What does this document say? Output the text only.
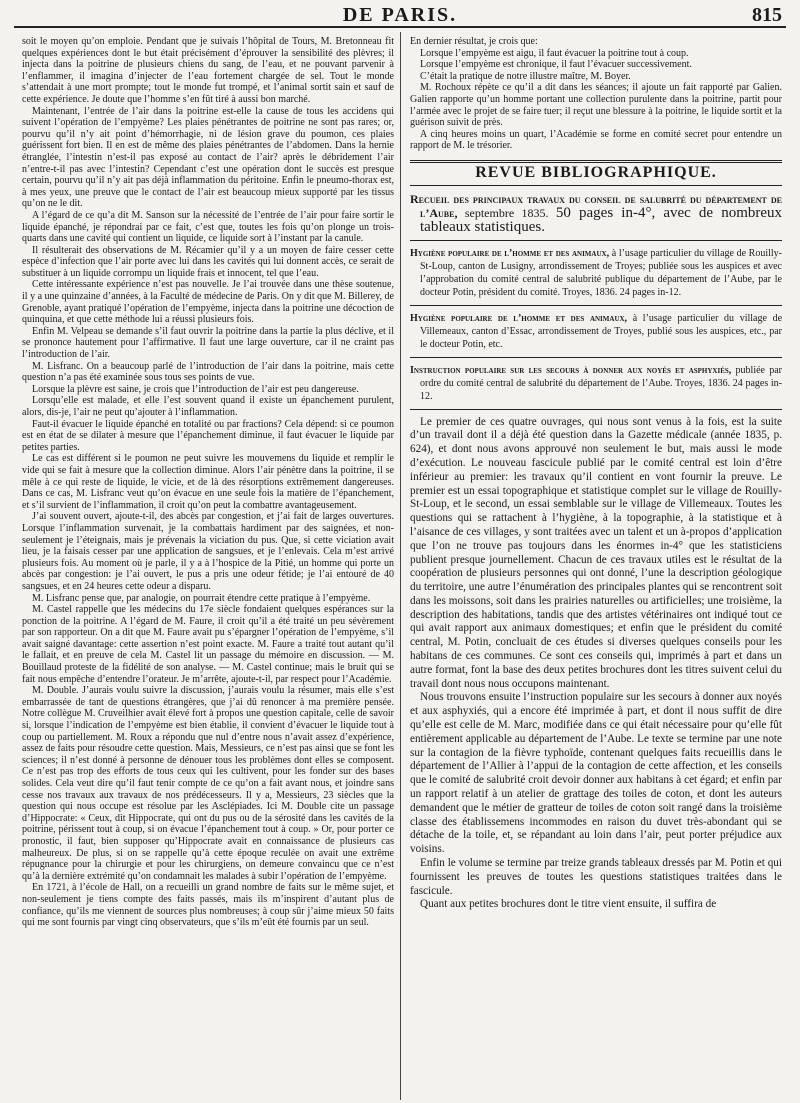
DE PARIS.	815

soit le moyen qu’on emploie. Pendant que je suivais l’hôpital de Tours, M. Bretonneau fit quelques expériences dont le but était précisément d’éprouver la sensibilité des plèvres; il injecta dans la poitrine de plusieurs chiens du sang, de l’eau, et ne pouvant parvenir à l’enflammer, il imagina d’injecter de l’eau fortement chargée de sel. Tout le monde s’attendait à une mort prompte; tout le monde fut trompé, et l’animal sortit sain et sauf de cette expérience. Je doute que l’homme s’en fût tiré à aussi bon marché.

Maintenant, l’entrée de l’air dans la poitrine est-elle la cause de tous les accidens qui suivent l’opération de l’empyème? Les plaies pénétrantes de poitrine ne sont pas rares; or, pourvu qu’il n’y ait point d’hémorrhagie, ni de lésion grave du poumon, ces plaies guérissent fort bien. Il en est de même des plaies pénétrantes de l’abdomen. Dans la hernie étranglée, l’intestin n’est-il pas exposé au contact de l’air? après le débridement l’air n’entre-t-il pas avec l’intestin? Cependant c’est une opération dont le succès est presque certain, pourvu qu’il n’y ait pas déjà inflammation du péritoine. Enfin le pneumo-thorax est, à mes yeux, une preuve que le contact de l’air est beaucoup mieux supporté par les tissus qu’on ne le dit.

A l’égard de ce qu’a dit M. Sanson sur la nécessité de l’entrée de l’air pour faire sortir le liquide épanché, je répondrai par ce fait, c’est que, toutes les fois qu’on plonge un trois-quarts dans une cavité qui contient un liquide, ce liquide sort à l’instant par la canule.

Il résulterait des observations de M. Récamier qu’il y a un moyen de faire cesser cette espèce d’infection que l’air porte avec lui dans les cavités qui lui donnent accès, ce serait de substituer à un liquide corrompu un liquide frais et innocent, tel que l’eau.

Cette intéressante expérience n’est pas nouvelle. Je l’ai trouvée dans une thèse soutenue, il y a une quinzaine d’années, à la Faculté de médecine de Paris. On y dit que M. Billerey, de Grenoble, ayant pratiqué l’opération de l’empyème, injecta dans la poitrine une décoction de quinquina, et que cette méthode lui a réussi plusieurs fois.

Enfin M. Velpeau se demande s’il faut ouvrir la poitrine dans la partie la plus déclive, et il se prononce hautement pour l’affirmative. Il faut une large ouverture, car il ne craint pas l’introduction de l’air.

M. Lisfranc. On a beaucoup parlé de l’introduction de l’air dans la poitrine, mais cette question n’a pas été examinée sous tous ses points de vue.

Lorsque la plèvre est saine, je crois que l’introduction de l’air est peu dangereuse.

Lorsqu’elle est malade, et elle l’est souvent quand il existe un épanchement purulent, alors, dis-je, l’air ne peut qu’ajouter à l’inflammation.

Faut-il évacuer le liquide épanché en totalité ou par fractions? Cela dépend: si ce poumon est en état de se dilater à mesure que l’épanchement diminue, il faut évacuer le liquide par petites parties.

Le cas est différent si le poumon ne peut suivre les mouvemens du liquide et remplir le vide qui se fait à mesure que la collection diminue. Alors l’air pénètre dans la poitrine, il se mêle à ce qui reste de liquide, le vicie, et de là des résorptions extrêmement dangereuses. Dans ce cas, M. Lisfranc veut qu’on évacue en une seule fois la matière de l’épanchement, et s’il survient de l’inflammation, il croit qu’on peut la combattre avantageusement.

J’ai souvent ouvert, ajoute-t-il, des abcès par congestion, et j’ai fait de larges ouvertures. Lorsque l’inflammation survenait, je la combattais hardiment par des saignées, et non-seulement je l’éteignais, mais je prévenais la viciation du pus. Que, si cette viciation avait lieu, je la faisais cesser par une application de sangsues, et je l’enlevais. Cela m’est arrivé plusieurs fois. Au moment où je parle, il y a à l’hospice de la Pitié, un homme qui porte un abcès par congestion: je l’ai ouvert, le pus a pris une odeur fétide; je l’ai entouré de 40 sangsues, et en 24 heures cette odeur a disparu.

M. Lisfranc pense que, par analogie, on pourrait étendre cette pratique à l’empyème.

M. Castel rappelle que les médecins du 17e siècle fondaient quelques espérances sur la ponction de la poitrine. A l’égard de M. Faure, il croit qu’il a été traité un peu sévèrement par son rapporteur. On a dit que M. Faure avait pu s’épargner l’opération de l’empyème, s’il avait saigné davantage: cette assertion n’est point exacte. M. Faure a traité tout autant qu’il le fallait, et en preuve de cela M. Castel lit un passage du mémoire en discussion. — M. Bouillaud proteste de la fidélité de son analyse. — M. Castel continue; mais le bruit qui se fait nous empêche d’entendre l’orateur. Je m’arrête, ajoute-t-il, par respect pour l’Académie.

M. Double. J’aurais voulu suivre la discussion, j’aurais voulu la résumer, mais elle s’est embarrassée de tant de questions étrangères, que j’ai dû renoncer à ma première pensée. Notre collègue M. Cruveilhier avait élevé fort à propos une question capitale, celle de savoir si, lorsque l’indication de l’empyème est bien établie, il convient d’évacuer le liquide tout à coup ou partiellement. M. Roux a répondu que nul d’entre nous n’avait assez d’expérience, assez de faits pour résoudre cette question. Mais, Messieurs, ce n’est pas ainsi que se font les sciences; il n’est donné à personne de dénouer tous les problèmes dont elles se composent. Ce n’est pas trop des efforts de tous ceux qui les cultivent, pour les fonder sur des bases solides. Cela veut dire qu’il faut tenir compte de ce qu’on a fait avant nous, et joindre sans cesse nos travaux aux travaux de nos prédécesseurs. Il y a, Messieurs, 23 siècles que la question qui nous occupe est résolue par les Asclépiades. Ici M. Double cite un passage d’Hippocrate: « Ceux, dit Hippocrate, qui ont du pus ou de la sérosité dans les cavités de la poitrine, périssent tout à coup, si on évacue l’épanchement tout à coup. » Or, pour porter ce pronostic, il faut, bien supposer qu’Hippocrate avait en connaissance de plusieurs cas malheureux. De plus, si on se rappelle qu’à cette époque reculée on avait une extrême répugnance pour la chirurgie et pour les chirurgiens, on demeure convaincu que ce n’est qu’à la dernière extrémité qu’on condamnait les malades à subir l’opération de l’empyème.

En 1721, à l’école de Hall, on a recueilli un grand nombre de faits sur le même sujet, et non-seulement je tiens compte des faits passés, mais ils m’inspirent d’autant plus de confiance, qu’ils me viennent de sources plus nombreuses; à coup sûr j’aime mieux 50 faits qui me sont fournis par vingt cinq observateurs, que s’ils m’eût été fournis par un seul.

En dernier résultat, je crois que:

Lorsque l’empyème est aigu, il faut évacuer la poitrine tout à coup.

Lorsque l’empyème est chronique, il faut l’évacuer successivement.

C’était la pratique de notre illustre maître, M. Boyer.

M. Rochoux répète ce qu’il a dit dans les séances; il ajoute un fait rapporté par Galien. Galien rapporte qu’un homme portant une collection purulente dans la poitrine, partit pour l’armée avec le projet de se faire tuer; il reçut une blessure à la poitrine, le liquide sortit et la guérison suivit de près.

A cinq heures moins un quart, l’Académie se forme en comité secret pour entendre un rapport de M. le trésorier.

REVUE BIBLIOGRAPHIQUE.
Recueil des principaux travaux du conseil de salubrité du département de l’Aube, septembre 1835. 50 pages in-4°, avec de nombreux tableaux statistiques.
Hygiène populaire de l’homme et des animaux, à l’usage particulier du village de Rouilly-St-Loup, canton de Lusigny, arrondissement de Troyes; publiée sous les auspices et avec l’approbation du comité central de salubrité publique du département de l’Aube, par le docteur Potin, président du comité. Troyes, 1836. 24 pages in-12.
Hygiène populaire de l’homme et des animaux, à l’usage particulier du village de Villemeaux, canton d’Essac, arrondissement de Troyes, publié sous les auspices, etc., par le docteur Potin, etc.
Instruction populaire sur les secours à donner aux noyés et asphyxiés, publiée par ordre du comité central de salubrité du département de l’Aube. Troyes, 1836. 24 pages in-12.

Le premier de ces quatre ouvrages, qui nous sont venus à la fois, est la suite d’un travail dont il a déjà été question dans la Gazette médicale (année 1835, p. 624), et dont nous avons approuvé non seulement le but, mais aussi le mode d’exécution. Le nouveau fascicule publié par le comité central est loin d’être inférieur au premier: les travaux qu’il contient en vont fournir la preuve. Le premier est un essai topographique et statistique complet sur le village de Rouilly-St-Loup, et le second, un essai semblable sur le village de Villemeaux. Toutes les questions qui se rattachent à l’hygiène, à la topographie, à la statistique et à l’aisance de ces villages, y sont traitées avec un talent et un à-propos d’application que l’on ne trouve pas toujours dans les énormes in-4° que les statisticiens publient presque journellement. Chacun de ces travaux utiles est le résultat de la coopération de plusieurs personnes qui ont donné, l’une la description géologique du territoire, une autre l’énumération des principales plantes qui se rencontrent soit dans les moissons, soit dans les prairies naturelles ou artificielles; une troisième, la description des habitations, tandis que des artistes vétérinaires ont indiqué tout ce qui avait rapport aux animaux domestiques; et enfin que le président du comité central, M. Potin, concluait de ces études si diverses quelques conseils pour les habitans de ces communes. Ce sont ces conseils qui, imprimés à part et dans un autre format, font la base des deux petites brochures dont les titres suivent celui du travail dont nous nous occupons maintenant.

Nous trouvons ensuite l’instruction populaire sur les secours à donner aux noyés et aux asphyxiés, qui a encore été imprimée à part, et dont il nous suffit de dire qu’elle est celle de M. Marc, modifiée dans ce qui était nécessaire pour qu’elle fût entièrement applicable au département de l’Aube. Le texte se termine par une note sur la contagion de la fièvre typhoïde, contenant quelques faits recueillis dans le département de l’Allier à l’appui de la contagion de cette affection, et les conseils que le comité de salubrité croit devoir donner aux habitans à cet égard; et enfin par un rapport relatif à un atelier de grattage des toiles de coton, et dont les auteurs demandent que le métier de gratteur de toiles de coton soit rangé dans la troisième classe des établissemens incommodes en raison du duvet très-abondant qui se détache de la toile, et, se répandant au loin dans l’air, peut porter préjudice aux voisins.

Enfin le volume se termine par treize grands tableaux dressés par M. Potin et qui fournissent les preuves de toutes les questions statistiques traitées dans le fascicule.

Quant aux petites brochures dont le titre vient ensuite, il suffira de
